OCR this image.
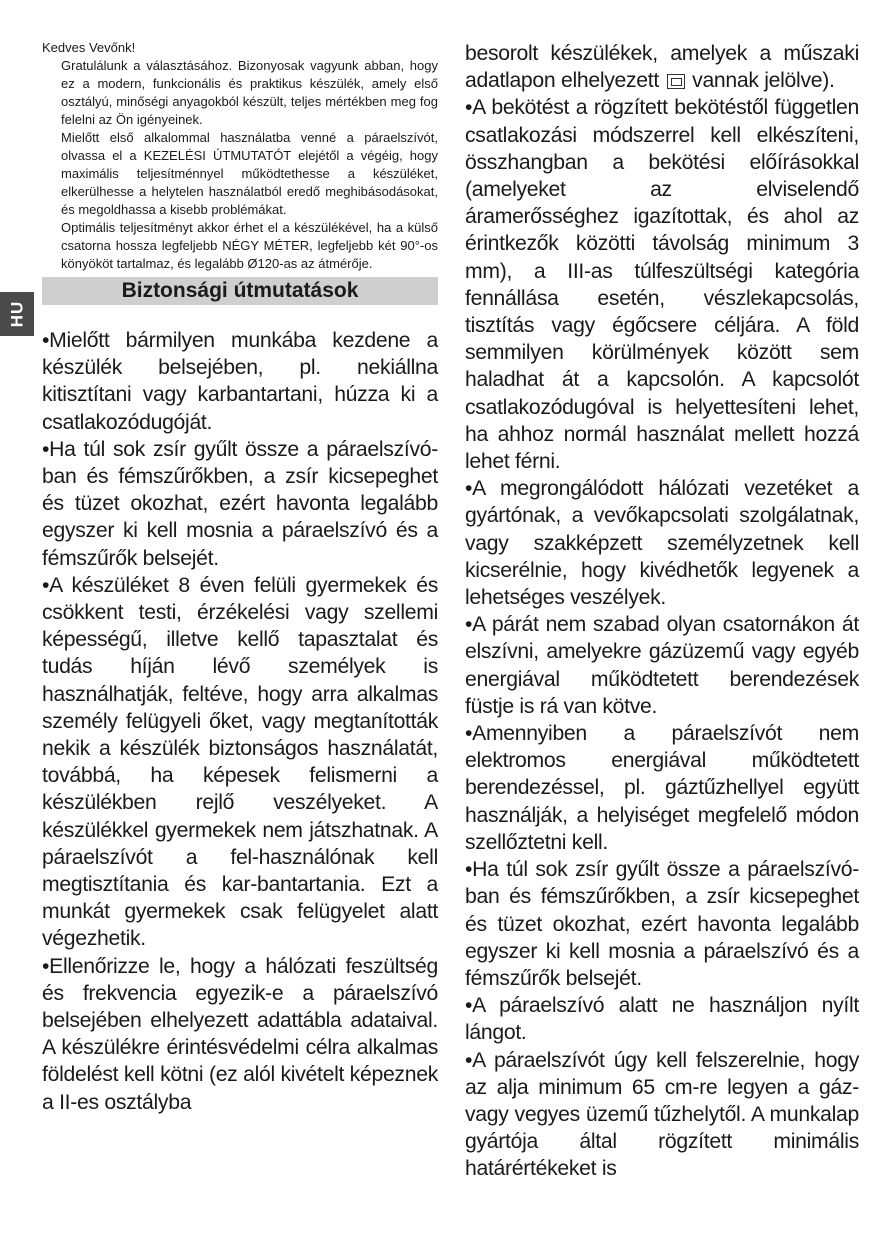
HU
Kedves Vevőnk!

Gratulálunk a választásához. Bizonyosak vagyunk abban, hogy ez a modern, funkcionális és praktikus készülék, amely első osztályú, minőségi anyagokból készült, teljes mértékben meg fog felelni az Ön igényeinek.

Mielőtt első alkalommal használatba venné a páraelszívót, olvassa el a KEZELÉSI ÚTMUTATÓT elejétől a végéig, hogy maximális teljesítménnyel működtethesse a készüléket, elkerülhesse a helytelen használatból eredő meghibásodásokat, és megoldhassa a kisebb problémákat.

Optimális teljesítményt akkor érhet el a készülékével, ha a külső csatorna hossza legfeljebb NÉGY MÉTER, legfeljebb két 90°-os könyököt tartalmaz, és legalább Ø120-as az átmérője.

Biztonsági útmutatások

•Mielőtt bármilyen munkába kezdene a készülék belsejében, pl. nekiállna kitisztítani vagy karbantartani, húzza ki a csatlakozódugóját.

•Ha túl sok zsír gyűlt össze a páraelszívó-ban és fémszűrőkben, a zsír kicsepeghet és tüzet okozhat, ezért havonta legalább egyszer ki kell mosnia a páraelszívó és a fémszűrők belsejét.

•A készüléket 8 éven felüli gyermekek és csökkent testi, érzékelési vagy szellemi képességű, illetve kellő tapasztalat és tudás híján lévő személyek is használhatják, feltéve, hogy arra alkalmas személy felügyeli őket, vagy megtanították nekik a készülék biztonságos használatát, továbbá, ha képesek felismerni a készülékben rejlő veszélyeket. A készülékkel gyermekek nem játszhatnak. A páraelszívót a fel-használónak kell megtisztítania és kar-bantartania. Ezt a munkát gyermekek csak felügyelet alatt végezhetik.

•Ellenőrizze le, hogy a hálózati feszültség és frekvencia egyezik-e a páraelszívó belsejében elhelyezett adattábla adataival. A készülékre érintésvédelmi célra alkalmas földelést kell kötni (ez alól kivételt képeznek a II-es osztályba

besorolt készülékek, amelyek a műszaki adatlapon elhelyezett vannak jelölve).

•A bekötést a rögzített bekötéstől független csatlakozási módszerrel kell elkészíteni, összhangban a bekötési előírásokkal (amelyeket az elviselendő áramerősséghez igazítottak, és ahol az érintkezők közötti távolság minimum 3 mm), a III-as túlfeszültségi kategória fennállása esetén, vészlekapcsolás, tisztítás vagy égőcsere céljára. A föld semmilyen körülmények között sem haladhat át a kapcsolón. A kapcsolót csatlakozódugóval is helyettesíteni lehet, ha ahhoz normál használat mellett hozzá lehet férni.

•A megrongálódott hálózati vezetéket a gyártónak, a vevőkapcsolati szolgálatnak, vagy szakképzett személyzetnek kell kicserélnie, hogy kivédhetők legyenek a lehetséges veszélyek.

•A párát nem szabad olyan csatornákon át elszívni, amelyekre gázüzemű vagy egyéb energiával működtetett berendezések füstje is rá van kötve.

•Amennyiben a páraelszívót nem elektromos energiával működtetett berendezéssel, pl. gáztűzhellyel együtt használják, a helyiséget megfelelő módon szellőztetni kell.

•Ha túl sok zsír gyűlt össze a páraelszívó-ban és fémszűrőkben, a zsír kicsepeghet és tüzet okozhat, ezért havonta legalább egyszer ki kell mosnia a páraelszívó és a fémszűrők belsejét.

•A páraelszívó alatt ne használjon nyílt lángot.

•A páraelszívót úgy kell felszerelnie, hogy az alja minimum 65 cm-re legyen a gáz- vagy vegyes üzemű tűzhelytől. A munkalap gyártója által rögzített minimális határértékeket is
